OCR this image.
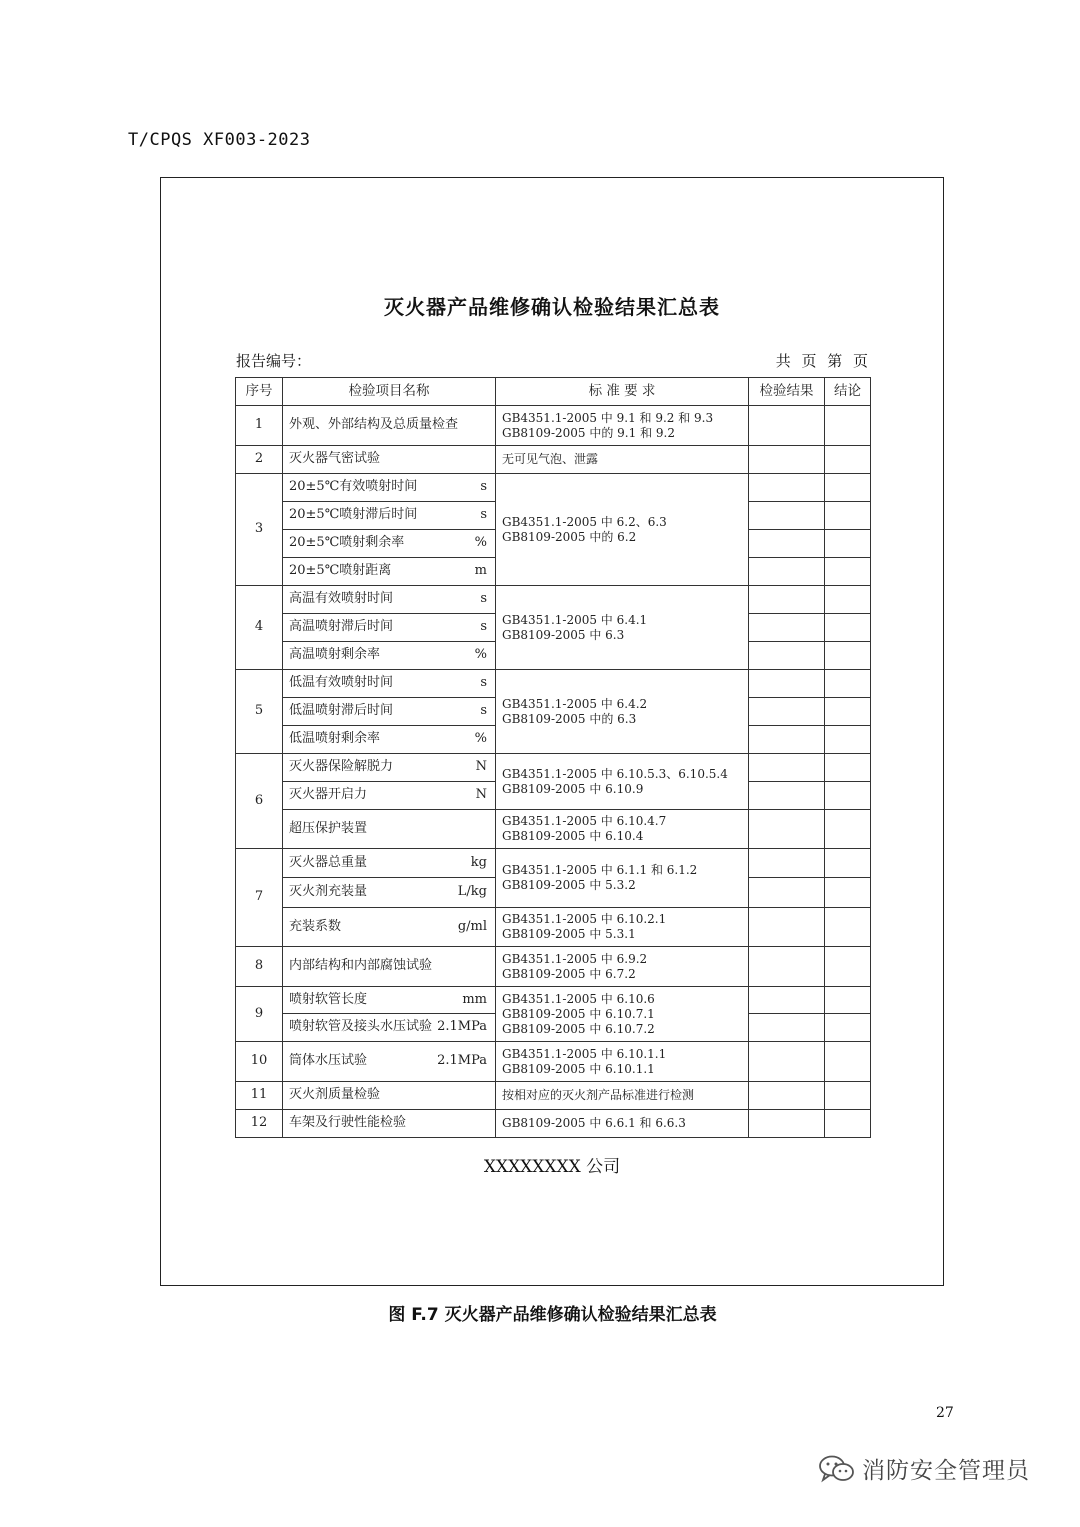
T/CPQS XF003-2023
灭火器产品维修确认检验结果汇总表
报告编号：	共 页 第 页
序号	检验项目名称	标 准 要 求	检验结果	结论
1	外观、外部结构及总质量检查	GB4351.1-2005 中 9.1 和 9.2 和 9.3
GB8109-2005 中的 9.1 和 9.2		

2	灭火器气密试验	无可见气泡、泄露		

3	20±5℃有效喷射时间 s	GB4351.1-2005 中 6.2、6.3
GB8109-2005 中的 6.2		

	20±5℃喷射滞后时间 s			

	20±5℃喷射剩余率 %			

	20±5℃喷射距离 m			

4	高温有效喷射时间 s	GB4351.1-2005 中 6.4.1
GB8109-2005 中 6.3		

	高温喷射滞后时间 s			

	高温喷射剩余率 %			

5	低温有效喷射时间 s	GB4351.1-2005 中 6.4.2
GB8109-2005 中的 6.3		

	低温喷射滞后时间 s			

	低温喷射剩余率 %			

6	灭火器保险解脱力 N	GB4351.1-2005 中 6.10.5.3、6.10.5.4
GB8109-2005 中 6.10.9		

	灭火器开启力 N			

	超压保护装置	GB4351.1-2005 中 6.10.4.7
GB8109-2005 中 6.10.4		

7	灭火器总重量 kg	GB4351.1-2005 中 6.1.1 和 6.1.2
GB8109-2005 中 5.3.2		

	灭火剂充装量 L/kg			

	充装系数 g/ml	GB4351.1-2005 中 6.10.2.1
GB8109-2005 中 5.3.1		

8	内部结构和内部腐蚀试验	GB4351.1-2005 中 6.9.2
GB8109-2005 中 6.7.2		

9	喷射软管长度 mm	GB4351.1-2005 中 6.10.6
GB8109-2005 中 6.10.7.1
GB8109-2005 中 6.10.7.2		

	喷射软管及接头水压试验 2.1MPa			

10	筒体水压试验 2.1MPa	GB4351.1-2005 中 6.10.1.1
GB8109-2005 中 6.10.1.1		

11	灭火剂质量检验	按相对应的灭火剂产品标准进行检测		

12	车架及行驶性能检验	GB8109-2005 中 6.6.1 和 6.6.3		

XXXXXXXX 公司
图 F.7 灭火器产品维修确认检验结果汇总表
27
消防安全管理员
